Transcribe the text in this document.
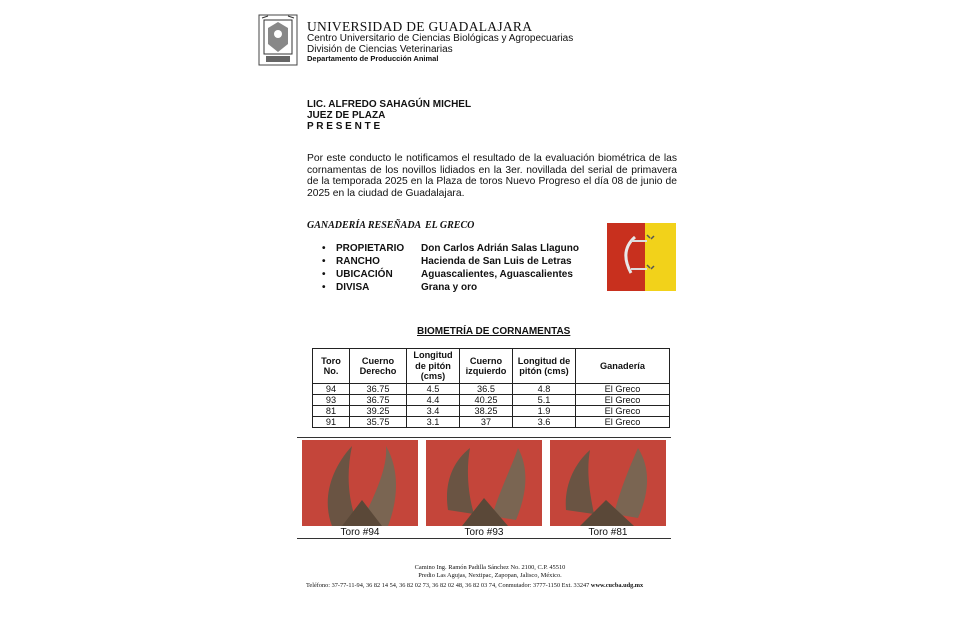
UNIVERSIDAD DE GUADALAJARA
Centro Universitario de Ciencias Biológicas y Agropecuarias
División de Ciencias Veterinarias
Departamento de Producción Animal
LIC. ALFREDO SAHAGÚN MICHEL
JUEZ DE PLAZA
P R E S E N T E
Por este conducto le notificamos el resultado de la evaluación biométrica de las cornamentas de los novillos lidiados en la 3er. novillada del serial de primavera de la temporada 2025 en la Plaza de toros Nuevo Progreso el día 08 de junio de 2025 en la ciudad de Guadalajara.
GANADERÍA RESEÑADA EL GRECO
• PROPIETARIO Don Carlos Adrián Salas Llaguno
• RANCHO	Hacienda de San Luis de Letras
• UBICACIÓN	Aguascalientes, Aguascalientes
• DIVISA	Grana y oro
BIOMETRÍA DE CORNAMENTAS
Toro No.	Cuerno Derecho	Longitud de pitón (cms)	Cuerno izquierdo	Longitud de pitón (cms)	Ganadería
94	36.75	4.5	36.5	4.8	El Greco
93	36.75	4.4	40.25	5.1	El Greco
81	39.25	3.4	38.25	1.9	El Greco
91	35.75	3.1	37	3.6	El Greco
Toro #94	Toro #93	Toro #81
Camino Ing. Ramón Padilla Sánchez No. 2100, C.P. 45510
Predio Las Agujas, Nextipac, Zapopan, Jalisco, México.
Teléfono: 37-77-11-94, 36 82 14 54, 36 82 02 73, 36 82 02 48, 36 82 03 74, Conmutador: 3777-1150 Ext. 33247 www.cucba.udg.mx
